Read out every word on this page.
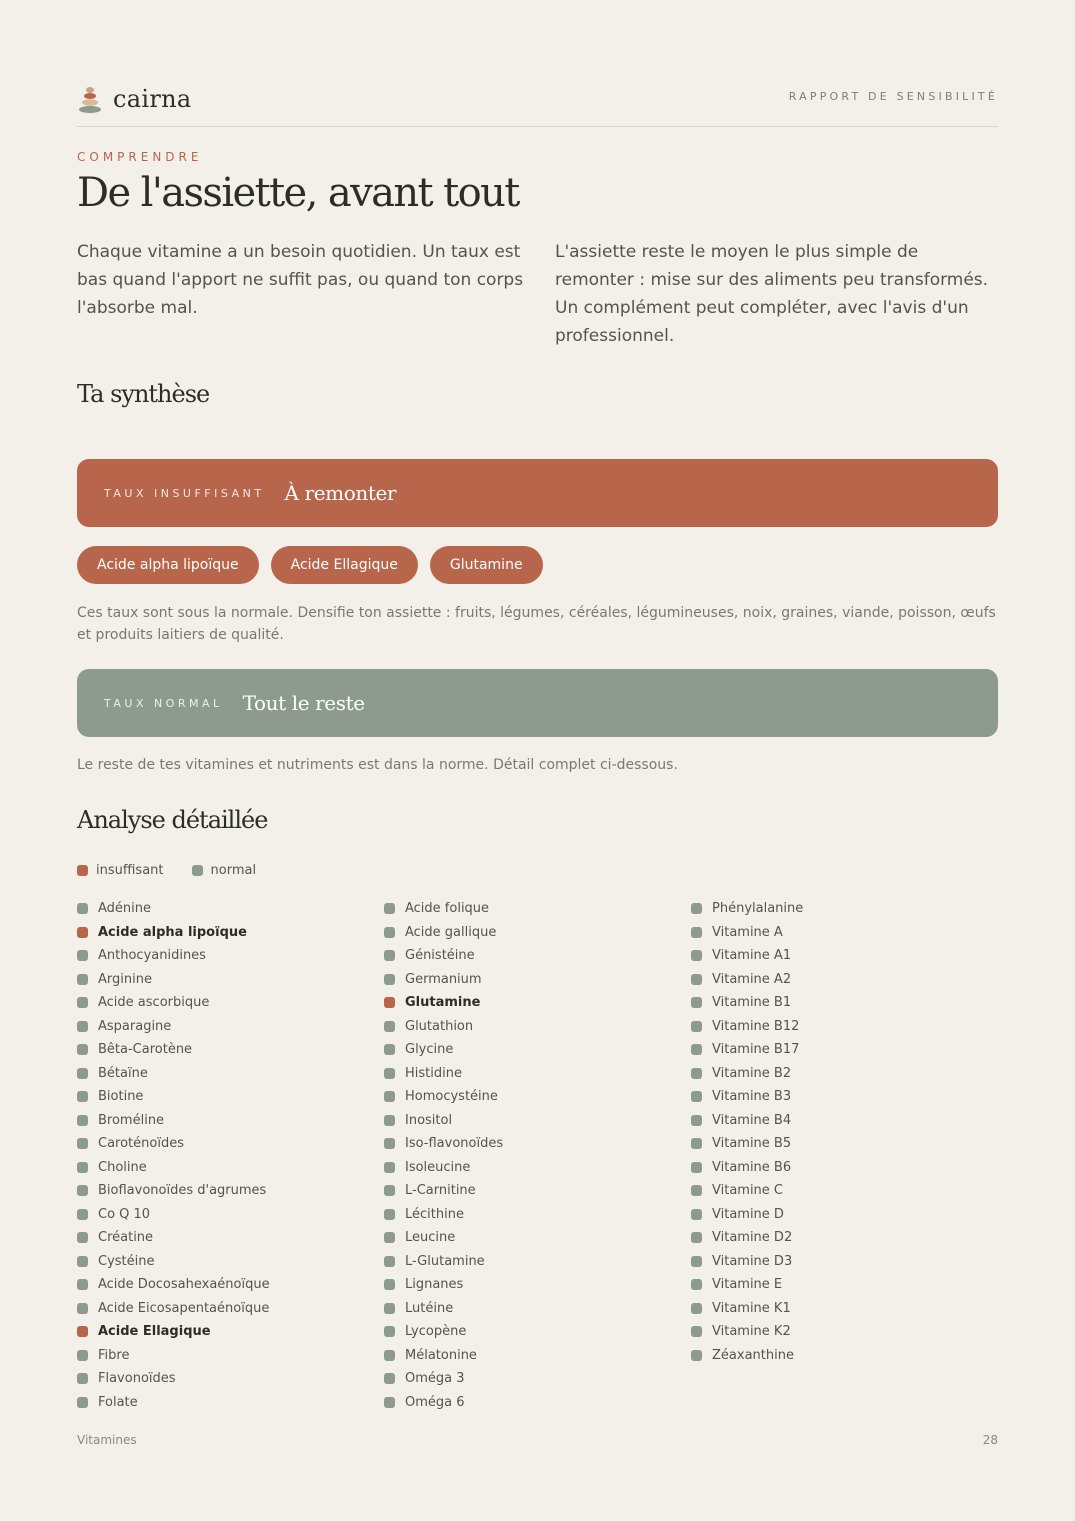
cairna	RAPPORT DE SENSIBILITÉ
COMPRENDRE
De l'assiette, avant tout

Chaque vitamine a un besoin quotidien. Un taux est bas quand l'apport ne suffit pas, ou quand ton corps l'absorbe mal.

L'assiette reste le moyen le plus simple de remonter : mise sur des aliments peu transformés. Un complément peut compléter, avec l'avis d'un professionnel.

Ta synthèse
TAUX INSUFFISANT À remonter
Acide alpha lipoïque	Acide Ellagique	Glutamine

Ces taux sont sous la normale. Densifie ton assiette : fruits, légumes, céréales, légumineuses, noix, graines, viande, poisson, œufs et produits laitiers de qualité.

TAUX NORMAL Tout le reste

Le reste de tes vitamines et nutriments est dans la norme. Détail complet ci-dessous.

Analyse détaillée
insuffisant	normal
Adénine
Acide alpha lipoïque
Anthocyanidines
Arginine
Acide ascorbique
Asparagine
Bêta-Carotène
Bétaïne
Biotine
Broméline
Caroténoïdes
Choline
Bioflavonoïdes d'agrumes
Co Q 10
Créatine
Cystéine
Acide Docosahexaénoïque
Acide Eicosapentaénoïque
Acide Ellagique
Fibre
Flavonoïdes
Folate
Acide folique
Acide gallique
Génistéine
Germanium
Glutamine
Glutathion
Glycine
Histidine
Homocystéine
Inositol
Iso-flavonoïdes
Isoleucine
L-Carnitine
Lécithine
Leucine
L-Glutamine
Lignanes
Lutéine
Lycopène
Mélatonine
Oméga 3
Oméga 6
Phénylalanine
Vitamine A
Vitamine A1
Vitamine A2
Vitamine B1
Vitamine B12
Vitamine B17
Vitamine B2
Vitamine B3
Vitamine B4
Vitamine B5
Vitamine B6
Vitamine C
Vitamine D
Vitamine D2
Vitamine D3
Vitamine E
Vitamine K1
Vitamine K2
Zéaxanthine
Vitamines	28
